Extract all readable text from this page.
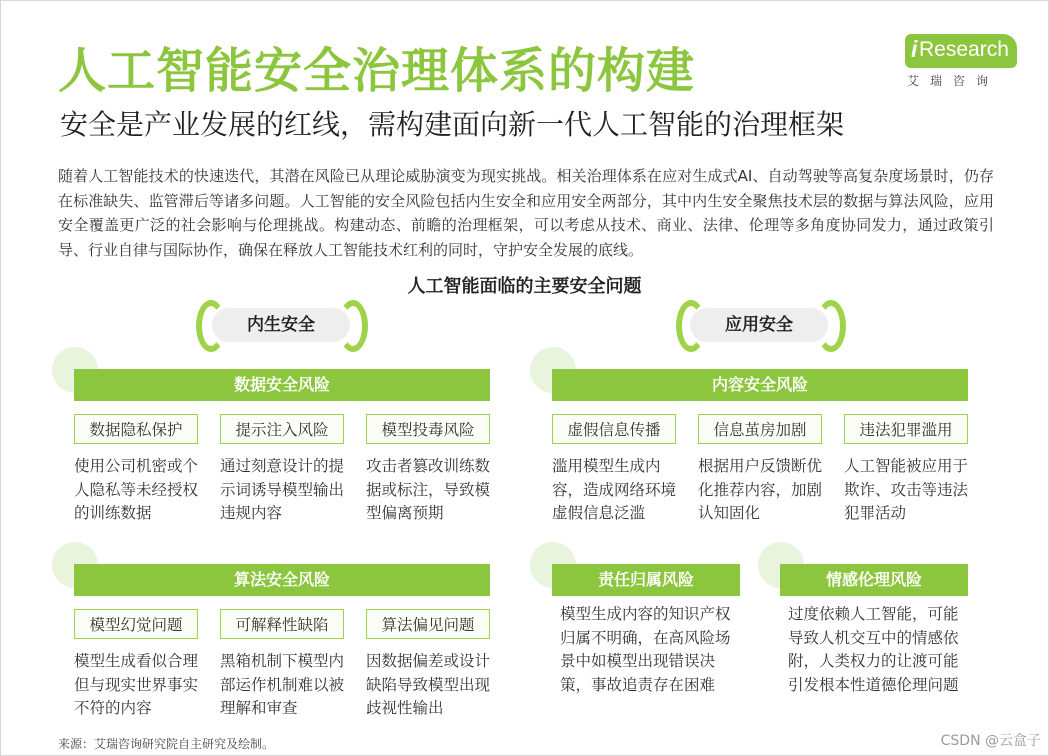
人工智能安全治理体系的构建
安全是产业发展的红线，需构建面向新一代人工智能的治理框架
i Research
艾瑞咨询

随着人工智能技术的快速迭代，其潜在风险已从理论威胁演变为现实挑战。相关治理体系在应对生成式AI、自动驾驶等高复杂度场景时，仍存在标准缺失、监管滞后等诸多问题。人工智能的安全风险包括内生安全和应用安全两部分，其中内生安全聚焦技术层的数据与算法风险，应用安全覆盖更广泛的社会影响与伦理挑战。构建动态、前瞻的治理框架，可以考虑从技术、商业、法律、伦理等多角度协同发力，通过政策引导、行业自律与国际协作，确保在释放人工智能技术红利的同时，守护安全发展的底线。

人工智能面临的主要安全问题
内生安全	应用安全
数据安全风险
数据隐私保护	提示注入风险	模型投毒风险

使用公司机密或个人隐私等未经授权的训练数据

通过刻意设计的提示词诱导模型输出违规内容

攻击者篡改训练数据或标注，导致模型偏离预期

算法安全风险
模型幻觉问题	可解释性缺陷	算法偏见问题

模型生成看似合理但与现实世界事实不符的内容

黑箱机制下模型内部运作机制难以被理解和审查

因数据偏差或设计缺陷导致模型出现歧视性输出

内容安全风险
虚假信息传播	信息茧房加剧	违法犯罪滥用

滥用模型生成内容，造成网络环境虚假信息泛滥

根据用户反馈断优化推荐内容，加剧认知固化

人工智能被应用于欺诈、攻击等违法犯罪活动

责任归属风险

模型生成内容的知识产权归属不明确，在高风险场景中如模型出现错误决策，事故追责存在困难

情感伦理风险

过度依赖人工智能，可能导致人机交互中的情感依附，人类权力的让渡可能引发根本性道德伦理问题

来源：艾瑞咨询研究院自主研究及绘制。	CSDN @云盒子
